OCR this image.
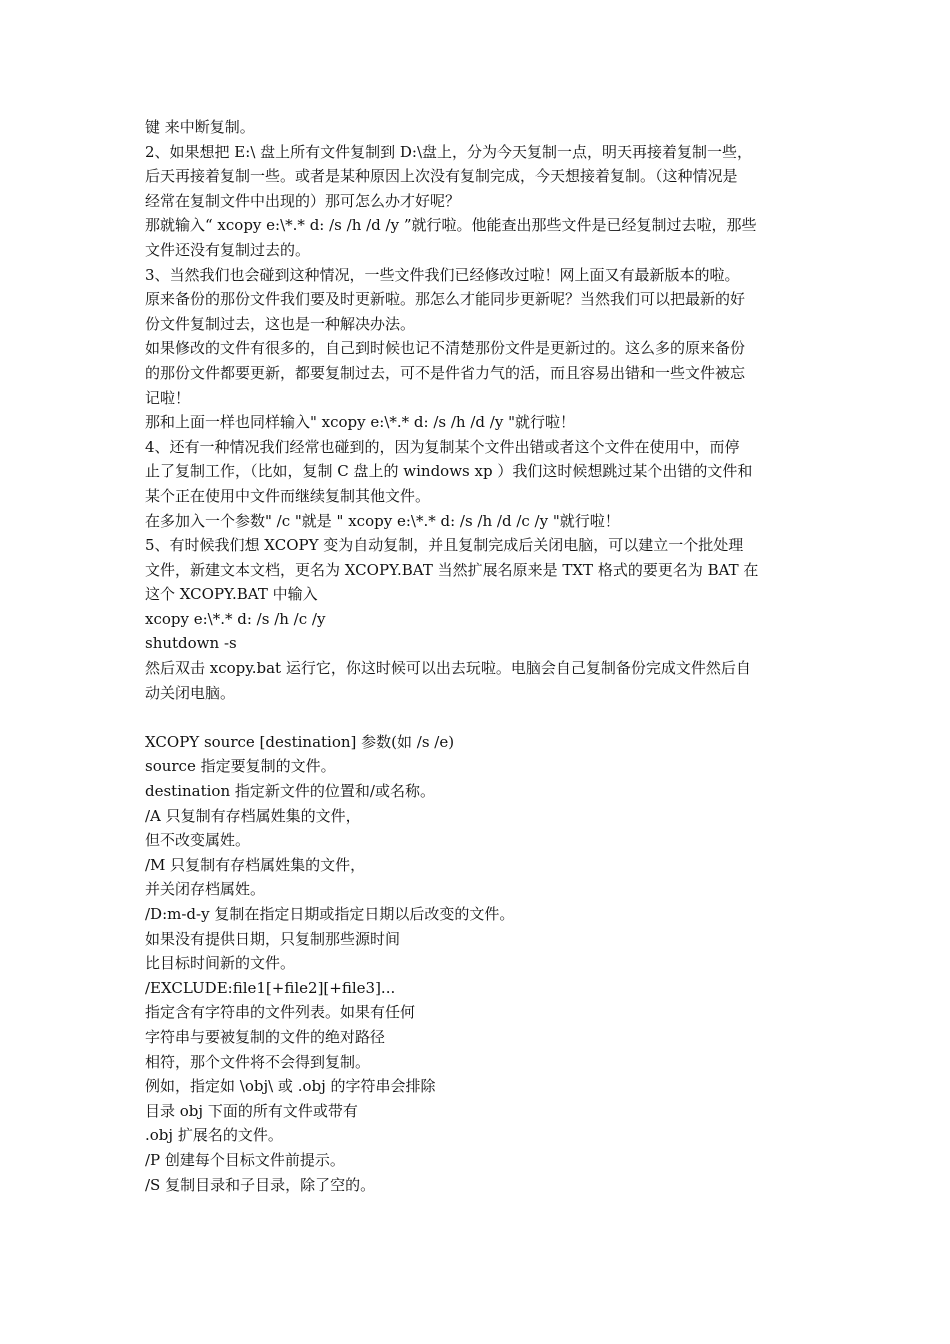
键 来中断复制。
2、如果想把 E:\ 盘上所有文件复制到 D:\盘上，分为今天复制一点，明天再接着复制一些，
后天再接着复制一些。或者是某种原因上次没有复制完成，今天想接着复制。（这种情况是
经常在复制文件中出现的）那可怎么办才好呢？
那就输入“ xcopy e:\*.* d: /s /h /d /y ”就行啦。他能查出那些文件是已经复制过去啦，那些
文件还没有复制过去的。
3、当然我们也会碰到这种情况，一些文件我们已经修改过啦！网上面又有最新版本的啦。
原来备份的那份文件我们要及时更新啦。那怎么才能同步更新呢？当然我们可以把最新的好
份文件复制过去，这也是一种解决办法。
如果修改的文件有很多的，自己到时候也记不清楚那份文件是更新过的。这么多的原来备份
的那份文件都要更新，都要复制过去，可不是件省力气的活，而且容易出错和一些文件被忘
记啦！
那和上面一样也同样输入" xcopy e:\*.* d: /s /h /d /y "就行啦！
4、还有一种情况我们经常也碰到的，因为复制某个文件出错或者这个文件在使用中，而停
止了复制工作，（比如，复制 C 盘上的 windows xp ）我们这时候想跳过某个出错的文件和
某个正在使用中文件而继续复制其他文件。
在多加入一个参数" /c "就是 " xcopy e:\*.* d: /s /h /d /c /y "就行啦！
5、有时候我们想 XCOPY 变为自动复制，并且复制完成后关闭电脑，可以建立一个批处理
文件，新建文本文档，更名为 XCOPY.BAT 当然扩展名原来是 TXT 格式的要更名为 BAT 在
这个 XCOPY.BAT 中输入
xcopy e:\*.* d: /s /h /c /y
shutdown -s
然后双击 xcopy.bat 运行它，你这时候可以出去玩啦。电脑会自己复制备份完成文件然后自
动关闭电脑。
XCOPY source [destination] 参数(如 /s /e)
source 指定要复制的文件。
destination 指定新文件的位置和/或名称。
/A 只复制有存档属姓集的文件，
但不改变属姓。
/M 只复制有存档属姓集的文件，
并关闭存档属姓。
/D:m-d-y 复制在指定日期或指定日期以后改变的文件。
如果没有提供日期，只复制那些源时间
比目标时间新的文件。
/EXCLUDE:file1[+file2][+file3]...
指定含有字符串的文件列表。如果有任何
字符串与要被复制的文件的绝对路径
相符，那个文件将不会得到复制。
例如，指定如 \obj\ 或 .obj 的字符串会排除
目录 obj 下面的所有文件或带有
.obj 扩展名的文件。
/P 创建每个目标文件前提示。
/S 复制目录和子目录，除了空的。
